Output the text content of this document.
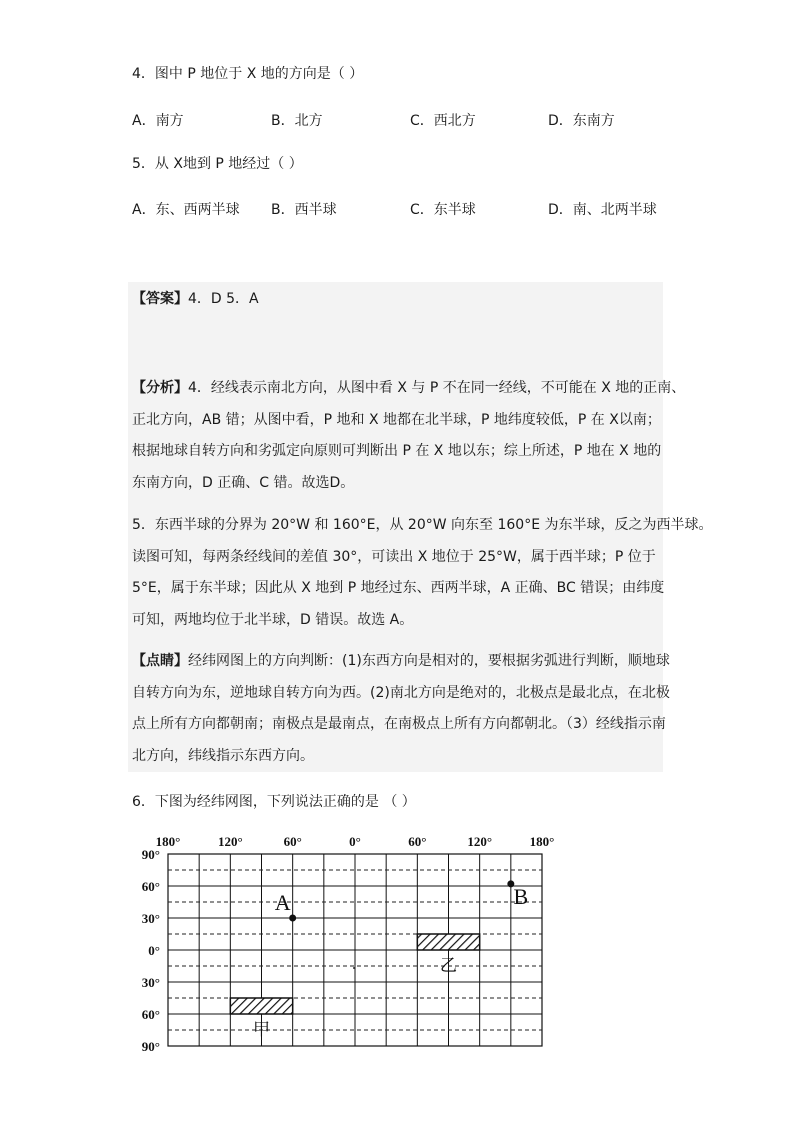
4．图中 P 地位于 X 地的方向是（ ）
A．南方	B．北方	C．西北方	D．东南方
5．从 X地到 P 地经过（ ）
A．东、西两半球 B．西半球	C．东半球	D．南、北两半球
【答案】4．D 5．A
【分析】4．经线表示南北方向，从图中看 X 与 P 不在同一经线，不可能在 X 地的正南、
正北方向，AB 错；从图中看，P 地和 X 地都在北半球，P 地纬度较低，P 在 X以南；
根据地球自转方向和劣弧定向原则可判断出 P 在 X 地以东；综上所述，P 地在 X 地的
东南方向，D 正确、C 错。故选D。
5．东西半球的分界为 20°W 和 160°E，从 20°W 向东至 160°E 为东半球，反之为西半球。
读图可知，每两条经线间的差值 30°，可读出 X 地位于 25°W，属于西半球；P 位于
5°E，属于东半球；因此从 X 地到 P 地经过东、西两半球，A 正确、BC 错误；由纬度
可知，两地均位于北半球，D 错误。故选 A。
【点睛】经纬网图上的方向判断：(1)东西方向是相对的，要根据劣弧进行判断，顺地球
自转方向为东，逆地球自转方向为西。(2)南北方向是绝对的，北极点是最北点，在北极
点上所有方向都朝南；南极点是最南点，在南极点上所有方向都朝北。（3）经线指示南
北方向，纬线指示东西方向。
6．下图为经纬网图，下列说法正确的是 （ ）
180°	120°	60°	0°	60°	120°	180°
90°
60°
30°
0°
30°
60°
90°
甲
乙
A	B
